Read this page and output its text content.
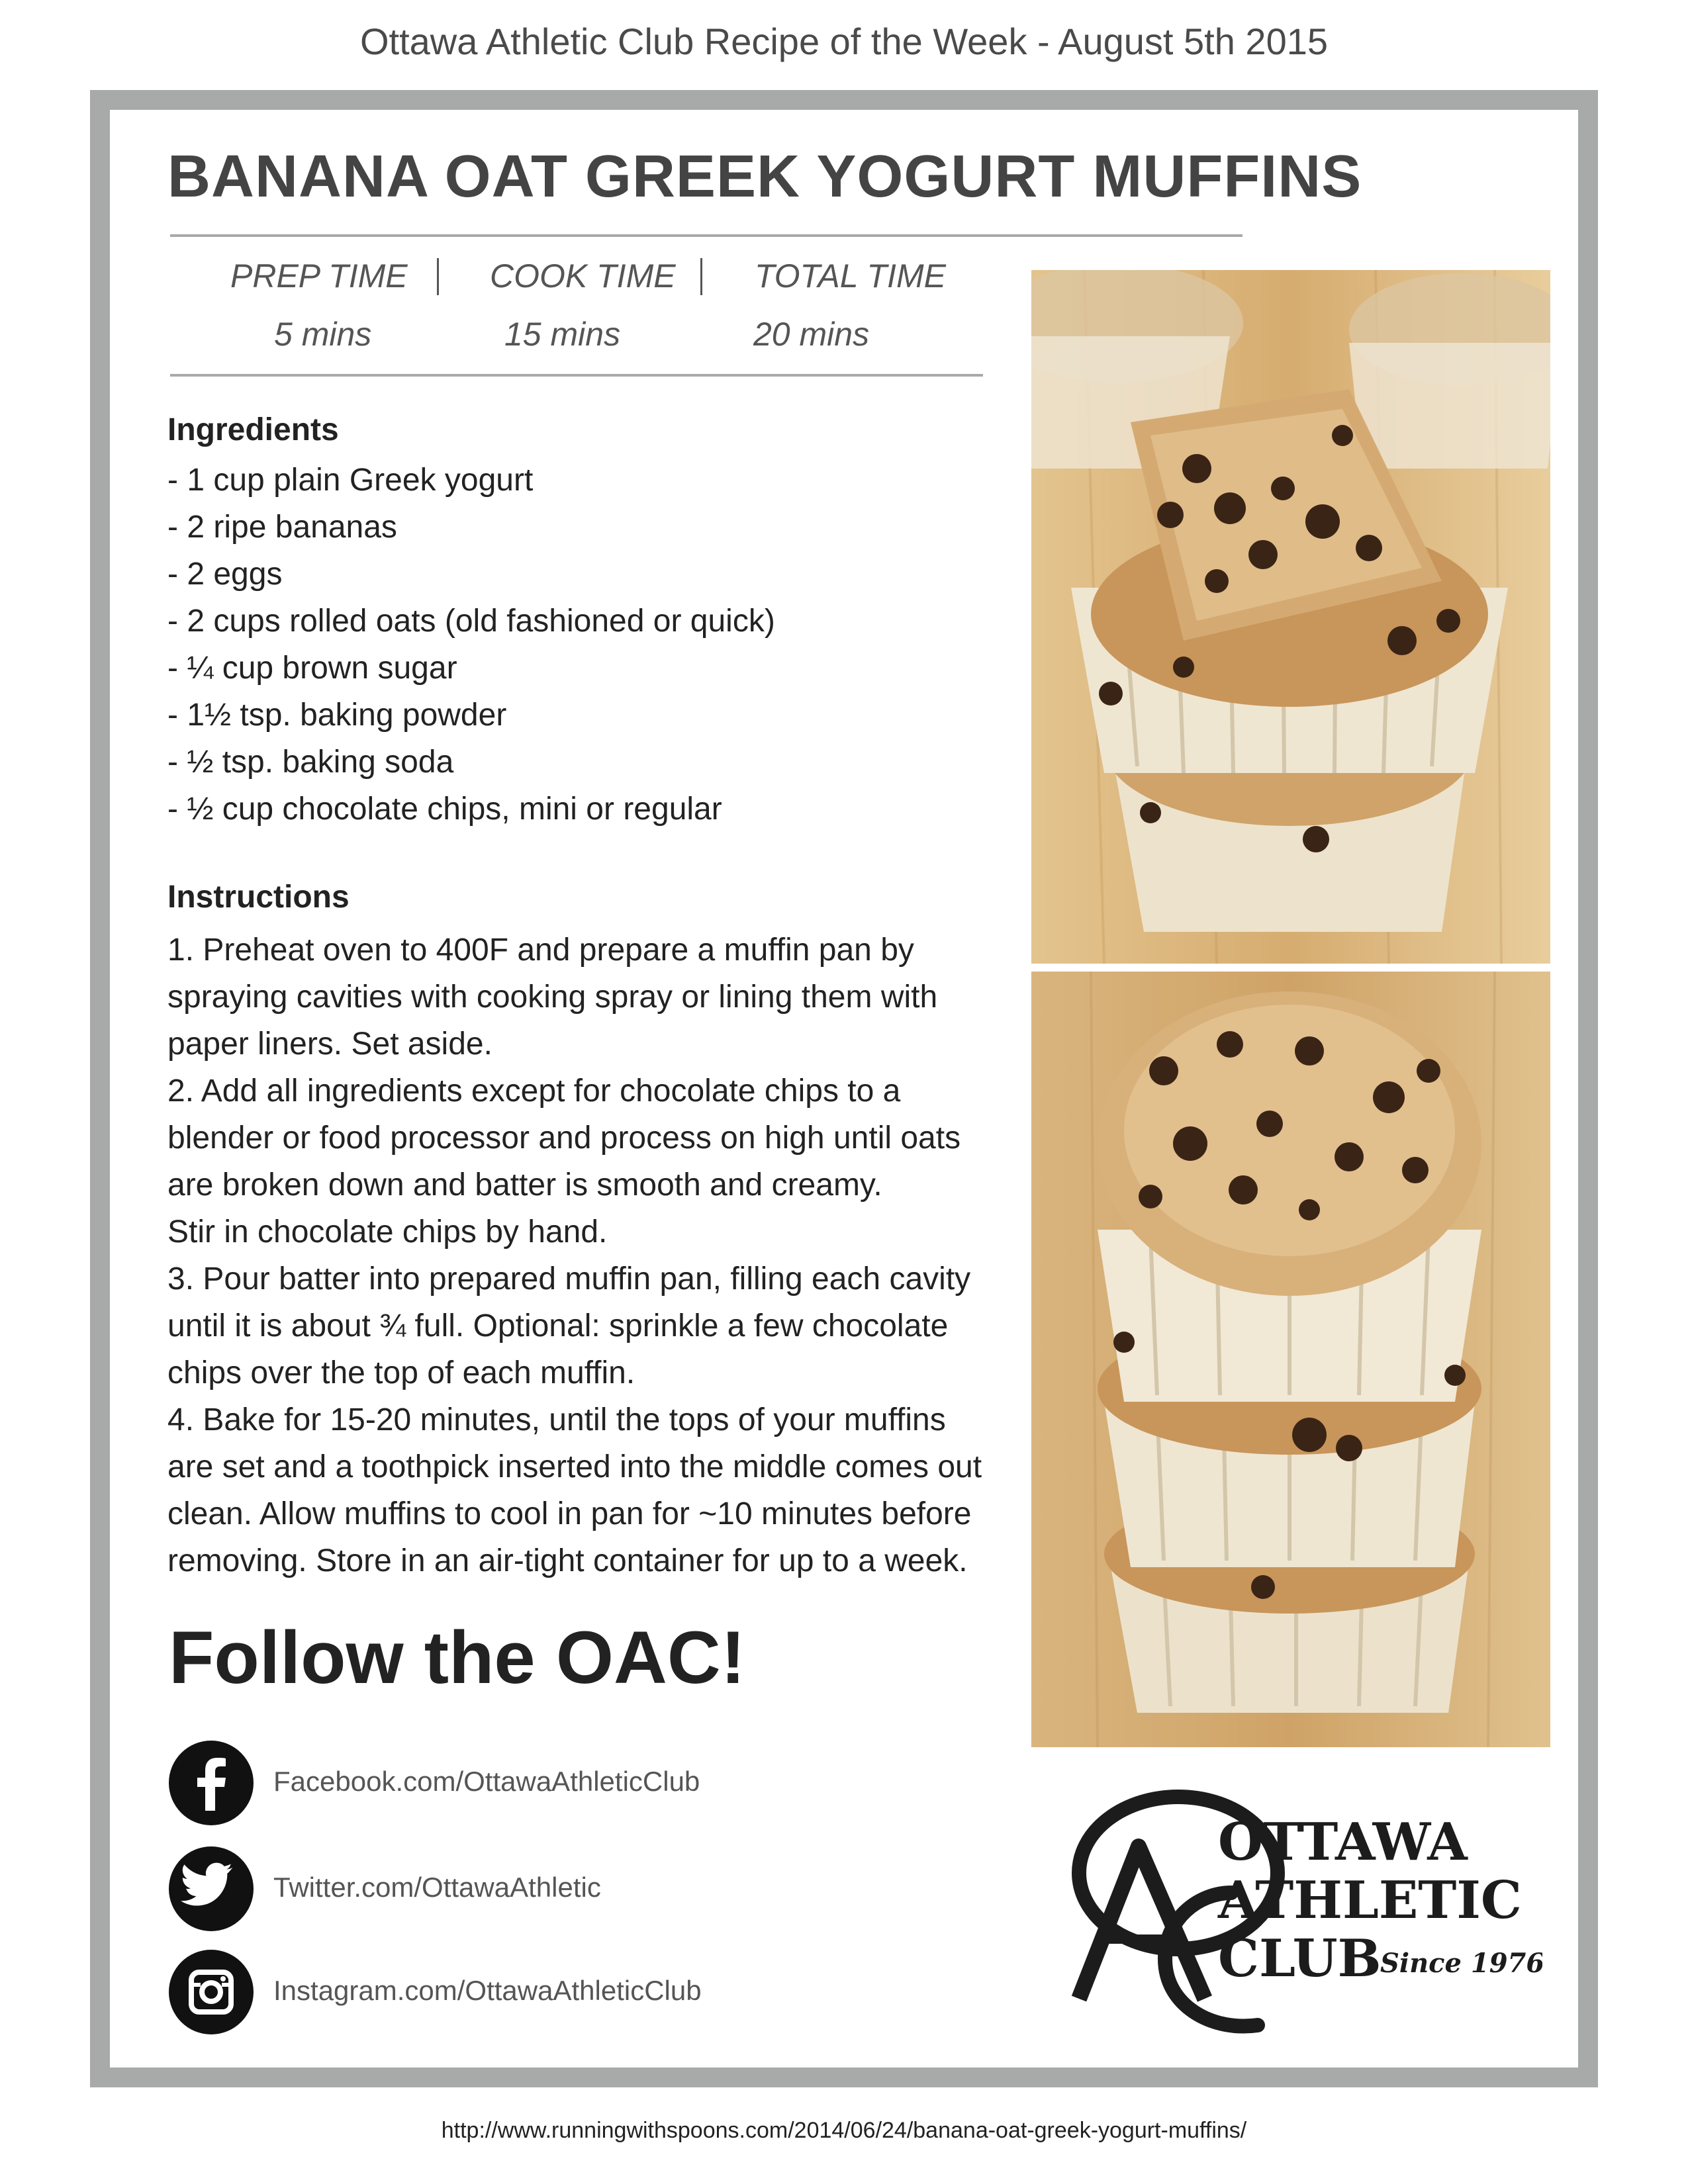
Ottawa Athletic Club Recipe of the Week - August 5th 2015
BANANA OAT GREEK YOGURT MUFFINS
PREP TIME
5 mins
COOK TIME
15 mins
TOTAL TIME
20 mins
Ingredients
- 1 cup plain Greek yogurt
- 2 ripe bananas
- 2 eggs
- 2 cups rolled oats (old fashioned or quick)
- ¼ cup brown sugar
- 1½ tsp. baking powder
- ½ tsp. baking soda
- ½ cup chocolate chips, mini or regular
Instructions
1. Preheat oven to 400F and prepare a muffin pan by
spraying cavities with cooking spray or lining them with
paper liners. Set aside.
2. Add all ingredients except for chocolate chips to a
blender or food processor and process on high until oats
are broken down and batter is smooth and creamy.
Stir in chocolate chips by hand.
3. Pour batter into prepared muffin pan, filling each cavity
until it is about ¾ full. Optional: sprinkle a few chocolate
chips over the top of each muffin.
4. Bake for 15-20 minutes, until the tops of your muffins
are set and a toothpick inserted into the middle comes out
clean. Allow muffins to cool in pan for ~10 minutes before
removing. Store in an air-tight container for up to a week.
Follow the OAC!
Facebook.com/OttawaAthleticClub
Twitter.com/OttawaAthletic
Instagram.com/OttawaAthleticClub
OTTAWA
ATHLETIC
CLUB
Since 1976
http://www.runningwithspoons.com/2014/06/24/banana-oat-greek-yogurt-muffins/
